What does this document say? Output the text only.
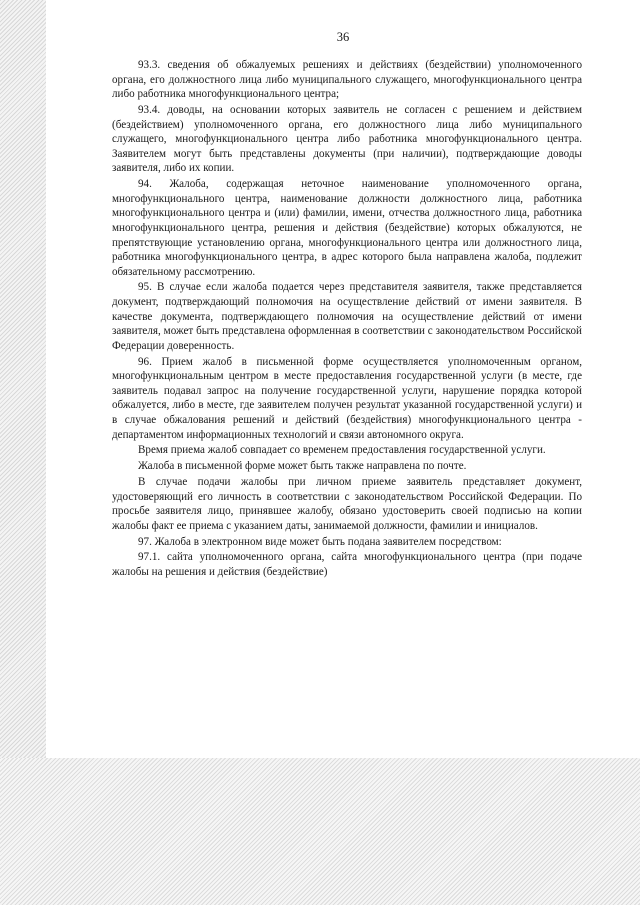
36

93.3. сведения об обжалуемых решениях и действиях (бездействии) уполномоченного органа, его должностного лица либо муниципального служащего, многофункционального центра либо работника многофункционального центра;

93.4. доводы, на основании которых заявитель не согласен с решением и действием (бездействием) уполномоченного органа, его должностного лица либо муниципального служащего, многофункционального центра либо работника многофункционального центра. Заявителем могут быть представлены документы (при наличии), подтверждающие доводы заявителя, либо их копии.

94. Жалоба, содержащая неточное наименование уполномоченного органа, многофункционального центра, наименование должности должностного лица, работника многофункционального центра и (или) фамилии, имени, отчества должностного лица, работника многофункционального центра, решения и действия (бездействие) которых обжалуются, не препятствующие установлению органа, многофункционального центра или должностного лица, работника многофункционального центра, в адрес которого была направлена жалоба, подлежит обязательному рассмотрению.

95. В случае если жалоба подается через представителя заявителя, также представляется документ, подтверждающий полномочия на осуществление действий от имени заявителя. В качестве документа, подтверждающего полномочия на осуществление действий от имени заявителя, может быть представлена оформленная в соответствии с законодательством Российской Федерации доверенность.

96. Прием жалоб в письменной форме осуществляется уполномоченным органом, многофункциональным центром в месте предоставления государственной услуги (в месте, где заявитель подавал запрос на получение государственной услуги, нарушение порядка которой обжалуется, либо в месте, где заявителем получен результат указанной государственной услуги) и в случае обжалования решений и действий (бездействия) многофункционального центра - департаментом информационных технологий и связи автономного округа.

Время приема жалоб совпадает со временем предоставления государственной услуги.

Жалоба в письменной форме может быть также направлена по почте.

В случае подачи жалобы при личном приеме заявитель представляет документ, удостоверяющий его личность в соответствии с законодательством Российской Федерации. По просьбе заявителя лицо, принявшее жалобу, обязано удостоверить своей подписью на копии жалобы факт ее приема с указанием даты, занимаемой должности, фамилии и инициалов.

97. Жалоба в электронном виде может быть подана заявителем посредством:

97.1. сайта уполномоченного органа, сайта многофункционального центра (при подаче жалобы на решения и действия (бездействие)
